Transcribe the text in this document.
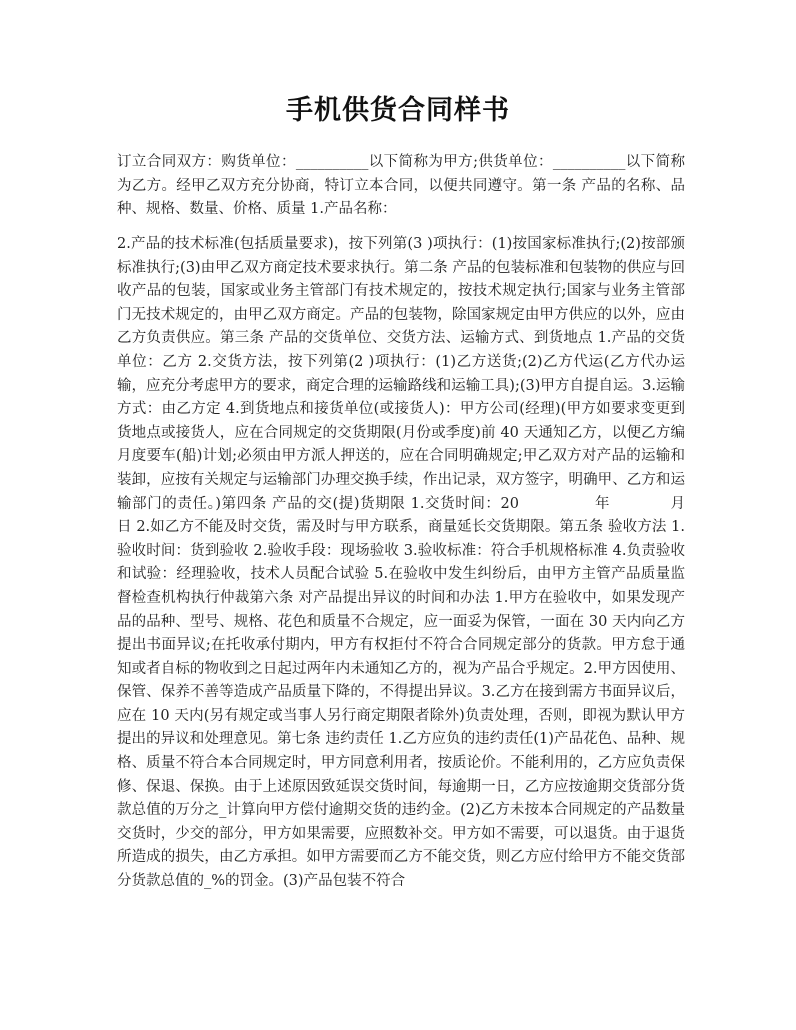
手机供货合同样书
订立合同双方：购货单位：__________以下简称为甲方;供货单位：__________以下简称为乙方。经甲乙双方充分协商，特订立本合同，以便共同遵守。第一条 产品的名称、品种、规格、数量、价格、质量 1.产品名称：
2.产品的技术标准(包括质量要求)，按下列第(3 )项执行：(1)按国家标准执行;(2)按部颁标准执行;(3)由甲乙双方商定技术要求执行。第二条 产品的包装标准和包装物的供应与回收产品的包装，国家或业务主管部门有技术规定的，按技术规定执行;国家与业务主管部门无技术规定的，由甲乙双方商定。产品的包装物，除国家规定由甲方供应的以外，应由乙方负责供应。第三条 产品的交货单位、交货方法、运输方式、到货地点 1.产品的交货单位：乙方 2.交货方法，按下列第(2 )项执行：(1)乙方送货;(2)乙方代运(乙方代办运输，应充分考虑甲方的要求，商定合理的运输路线和运输工具);(3)甲方自提自运。3.运输方式：由乙方定 4.到货地点和接货单位(或接货人)：甲方公司(经理)(甲方如要求变更到货地点或接货人，应在合同规定的交货期限(月份或季度)前 40 天通知乙方，以便乙方编月度要车(船)计划;必须由甲方派人押送的，应在合同明确规定;甲乙双方对产品的运输和装卸，应按有关规定与运输部门办理交换手续，作出记录，双方签字，明确甲、乙方和运输部门的责任。)第四条 产品的交(提)货期限 1.交货时间：20　　　　　年　　　　月　　　　日 2.如乙方不能及时交货，需及时与甲方联系，商量延长交货期限。第五条 验收方法 1.验收时间：货到验收 2.验收手段：现场验收 3.验收标准：符合手机规格标准 4.负责验收和试验：经理验收，技术人员配合试验 5.在验收中发生纠纷后，由甲方主管产品质量监督检查机构执行仲裁第六条 对产品提出异议的时间和办法 1.甲方在验收中，如果发现产品的品种、型号、规格、花色和质量不合规定，应一面妥为保管，一面在 30 天内向乙方提出书面异议;在托收承付期内，甲方有权拒付不符合合同规定部分的货款。甲方怠于通知或者自标的物收到之日起过两年内未通知乙方的，视为产品合乎规定。2.甲方因使用、保管、保养不善等造成产品质量下降的，不得提出异议。3.乙方在接到需方书面异议后，应在 10 天内(另有规定或当事人另行商定期限者除外)负责处理，否则，即视为默认甲方提出的异议和处理意见。第七条 违约责任 1.乙方应负的违约责任(1)产品花色、品种、规格、质量不符合本合同规定时，甲方同意利用者，按质论价。不能利用的，乙方应负责保修、保退、保换。由于上述原因致延误交货时间，每逾期一日，乙方应按逾期交货部分货款总值的万分之_计算向甲方偿付逾期交货的违约金。(2)乙方未按本合同规定的产品数量交货时，少交的部分，甲方如果需要，应照数补交。甲方如不需要，可以退货。由于退货所造成的损失，由乙方承担。如甲方需要而乙方不能交货，则乙方应付给甲方不能交货部分货款总值的_%的罚金。(3)产品包装不符合
